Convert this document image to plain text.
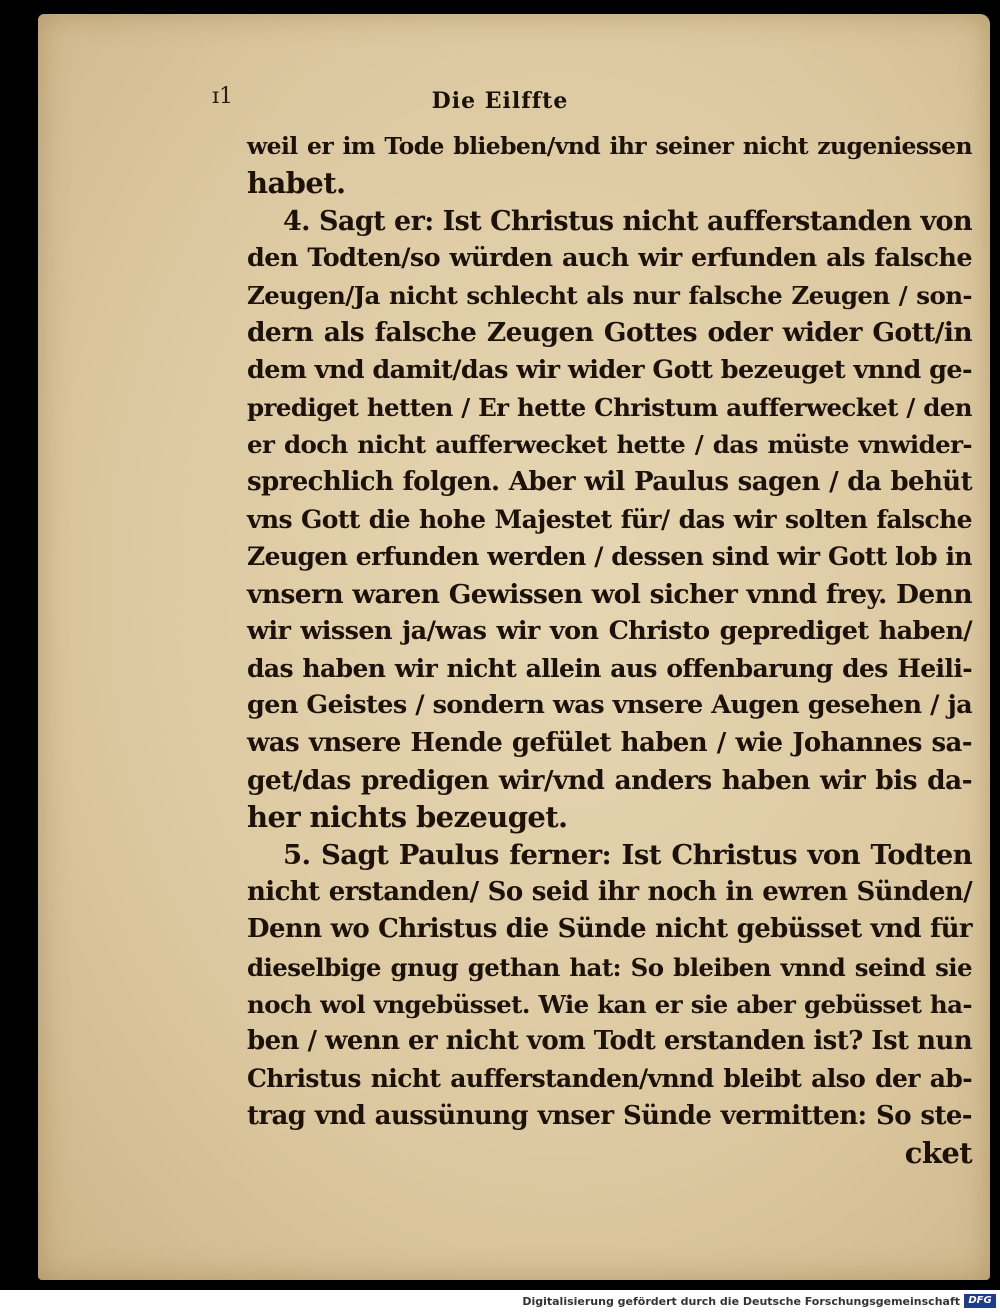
ɪ1	Die Eilffte
weil er im Tode blieben/vnd ihr seiner nicht zugeniessen
habet.
4. Sagt er: Ist Christus nicht aufferstanden von
den Todten/so würden auch wir erfunden als falsche
Zeugen/Ja nicht schlecht als nur falsche Zeugen / son-
dern als falsche Zeugen Gottes oder wider Gott/in
dem vnd damit/das wir wider Gott bezeuget vnnd ge-
prediget hetten / Er hette Christum aufferwecket / den
er doch nicht aufferwecket hette / das müste vnwider-
sprechlich folgen. Aber wil Paulus sagen / da behüt
vns Gott die hohe Majestet für/ das wir solten falsche
Zeugen erfunden werden / dessen sind wir Gott lob in
vnsern waren Gewissen wol sicher vnnd frey. Denn
wir wissen ja/was wir von Christo geprediget haben/
das haben wir nicht allein aus offenbarung des Heili-
gen Geistes / sondern was vnsere Augen gesehen / ja
was vnsere Hende gefület haben / wie Johannes sa-
get/das predigen wir/vnd anders haben wir bis da-
her nichts bezeuget.
5. Sagt Paulus ferner: Ist Christus von Todten
nicht erstanden/ So seid ihr noch in ewren Sünden/
Denn wo Christus die Sünde nicht gebüsset vnd für
dieselbige gnug gethan hat: So bleiben vnnd seind sie
noch wol vngebüsset. Wie kan er sie aber gebüsset ha-
ben / wenn er nicht vom Todt erstanden ist? Ist nun
Christus nicht aufferstanden/vnnd bleibt also der ab-
trag vnd aussünung vnser Sünde vermitten: So ste-
cket
Digitalisierung gefördert durch die Deutsche Forschungsgemeinschaft DFG
